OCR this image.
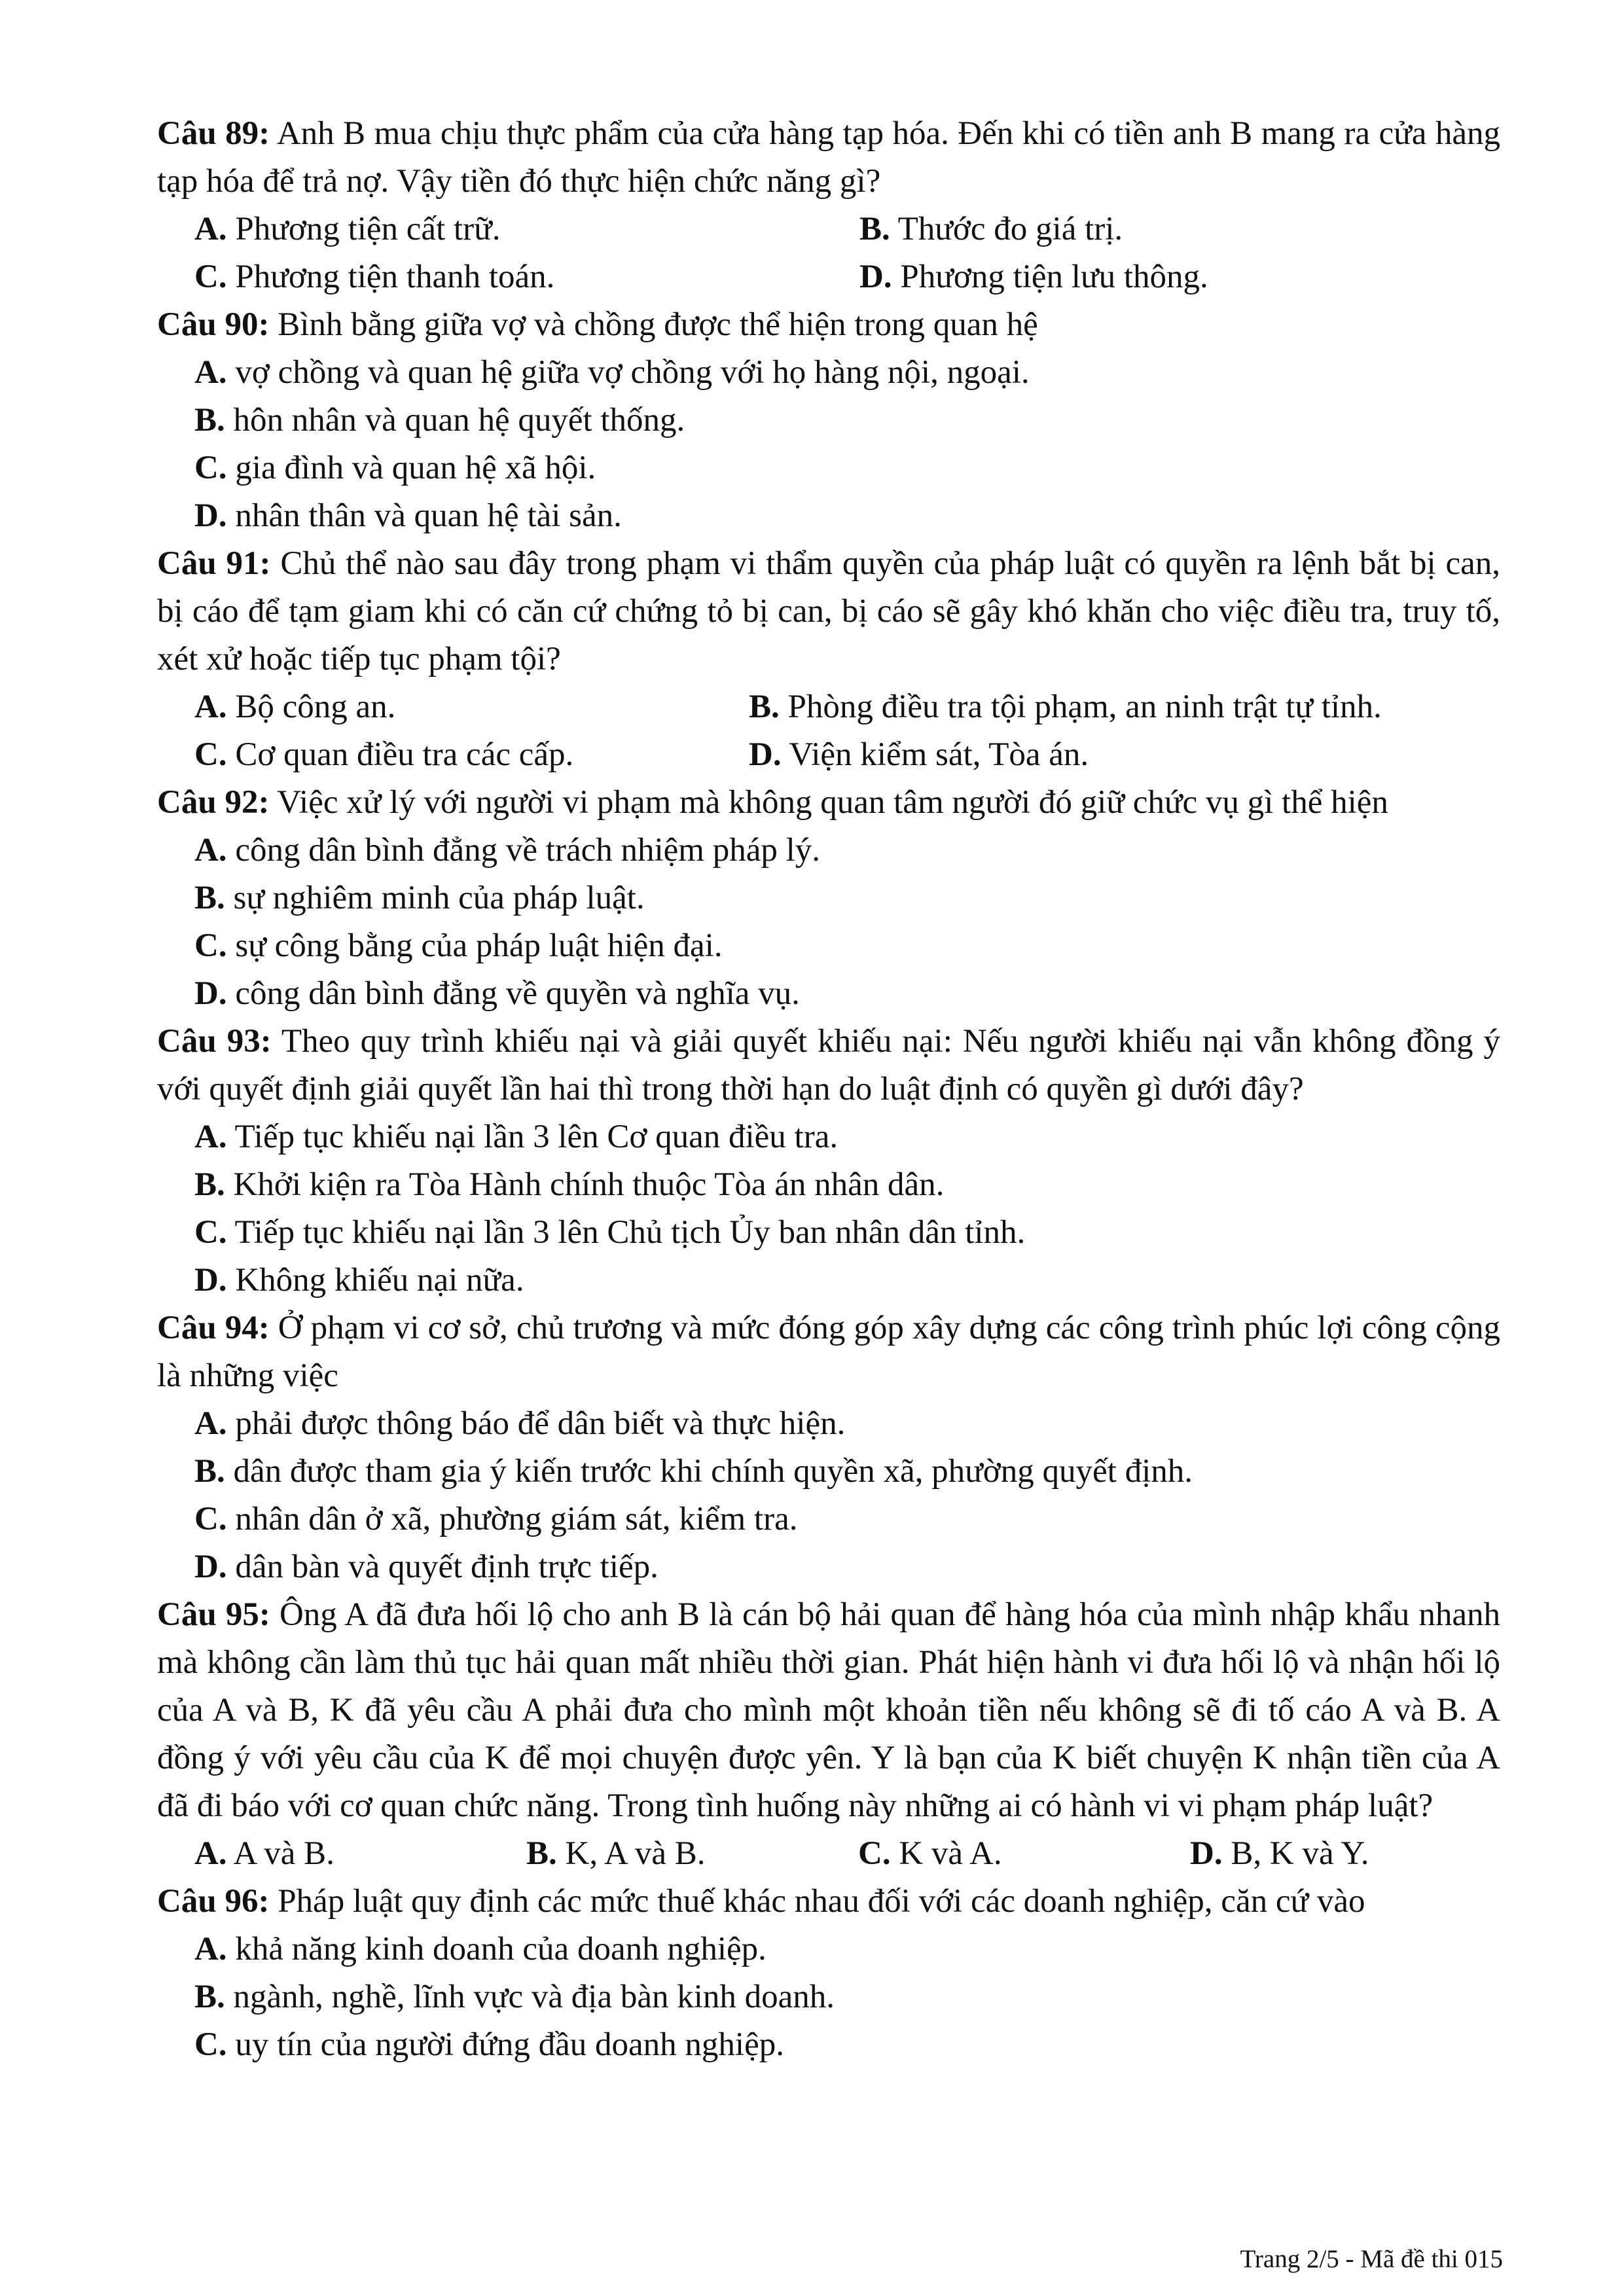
Câu 89: Anh B mua chịu thực phẩm của cửa hàng tạp hóa. Đến khi có tiền anh B mang ra cửa hàng tạp hóa để trả nợ. Vậy tiền đó thực hiện chức năng gì?

A. Phương tiện cất trữ.	B. Thước đo giá trị.
C. Phương tiện thanh toán.	D. Phương tiện lưu thông.

Câu 90: Bình bằng giữa vợ và chồng được thể hiện trong quan hệ

A. vợ chồng và quan hệ giữa vợ chồng với họ hàng nội, ngoại.

B. hôn nhân và quan hệ quyết thống.

C. gia đình và quan hệ xã hội.

D. nhân thân và quan hệ tài sản.

Câu 91: Chủ thể nào sau đây trong phạm vi thẩm quyền của pháp luật có quyền ra lệnh bắt bị can, bị cáo để tạm giam khi có căn cứ chứng tỏ bị can, bị cáo sẽ gây khó khăn cho việc điều tra, truy tố, xét xử hoặc tiếp tục phạm tội?

A. Bộ công an.	B. Phòng điều tra tội phạm, an ninh trật tự tỉnh.
C. Cơ quan điều tra các cấp.	D. Viện kiểm sát, Tòa án.

Câu 92: Việc xử lý với người vi phạm mà không quan tâm người đó giữ chức vụ gì thể hiện

A. công dân bình đẳng về trách nhiệm pháp lý.

B. sự nghiêm minh của pháp luật.

C. sự công bằng của pháp luật hiện đại.

D. công dân bình đẳng về quyền và nghĩa vụ.

Câu 93: Theo quy trình khiếu nại và giải quyết khiếu nại: Nếu người khiếu nại vẫn không đồng ý với quyết định giải quyết lần hai thì trong thời hạn do luật định có quyền gì dưới đây?

A. Tiếp tục khiếu nại lần 3 lên Cơ quan điều tra.

B. Khởi kiện ra Tòa Hành chính thuộc Tòa án nhân dân.

C. Tiếp tục khiếu nại lần 3 lên Chủ tịch Ủy ban nhân dân tỉnh.

D. Không khiếu nại nữa.

Câu 94: Ở phạm vi cơ sở, chủ trương và mức đóng góp xây dựng các công trình phúc lợi công cộng là những việc

A. phải được thông báo để dân biết và thực hiện.

B. dân được tham gia ý kiến trước khi chính quyền xã, phường quyết định.

C. nhân dân ở xã, phường giám sát, kiểm tra.

D. dân bàn và quyết định trực tiếp.

Câu 95: Ông A đã đưa hối lộ cho anh B là cán bộ hải quan để hàng hóa của mình nhập khẩu nhanh mà không cần làm thủ tục hải quan mất nhiều thời gian. Phát hiện hành vi đưa hối lộ và nhận hối lộ của A và B, K đã yêu cầu A phải đưa cho mình một khoản tiền nếu không sẽ đi tố cáo A và B. A đồng ý với yêu cầu của K để mọi chuyện được yên. Y là bạn của K biết chuyện K nhận tiền của A đã đi báo với cơ quan chức năng. Trong tình huống này những ai có hành vi vi phạm pháp luật?

A. A và B.	B. K, A và B.	C. K và A.	D. B, K và Y.

Câu 96: Pháp luật quy định các mức thuế khác nhau đối với các doanh nghiệp, căn cứ vào

A. khả năng kinh doanh của doanh nghiệp.

B. ngành, nghề, lĩnh vực và địa bàn kinh doanh.

C. uy tín của người đứng đầu doanh nghiệp.

Trang 2/5 - Mã đề thi 015
